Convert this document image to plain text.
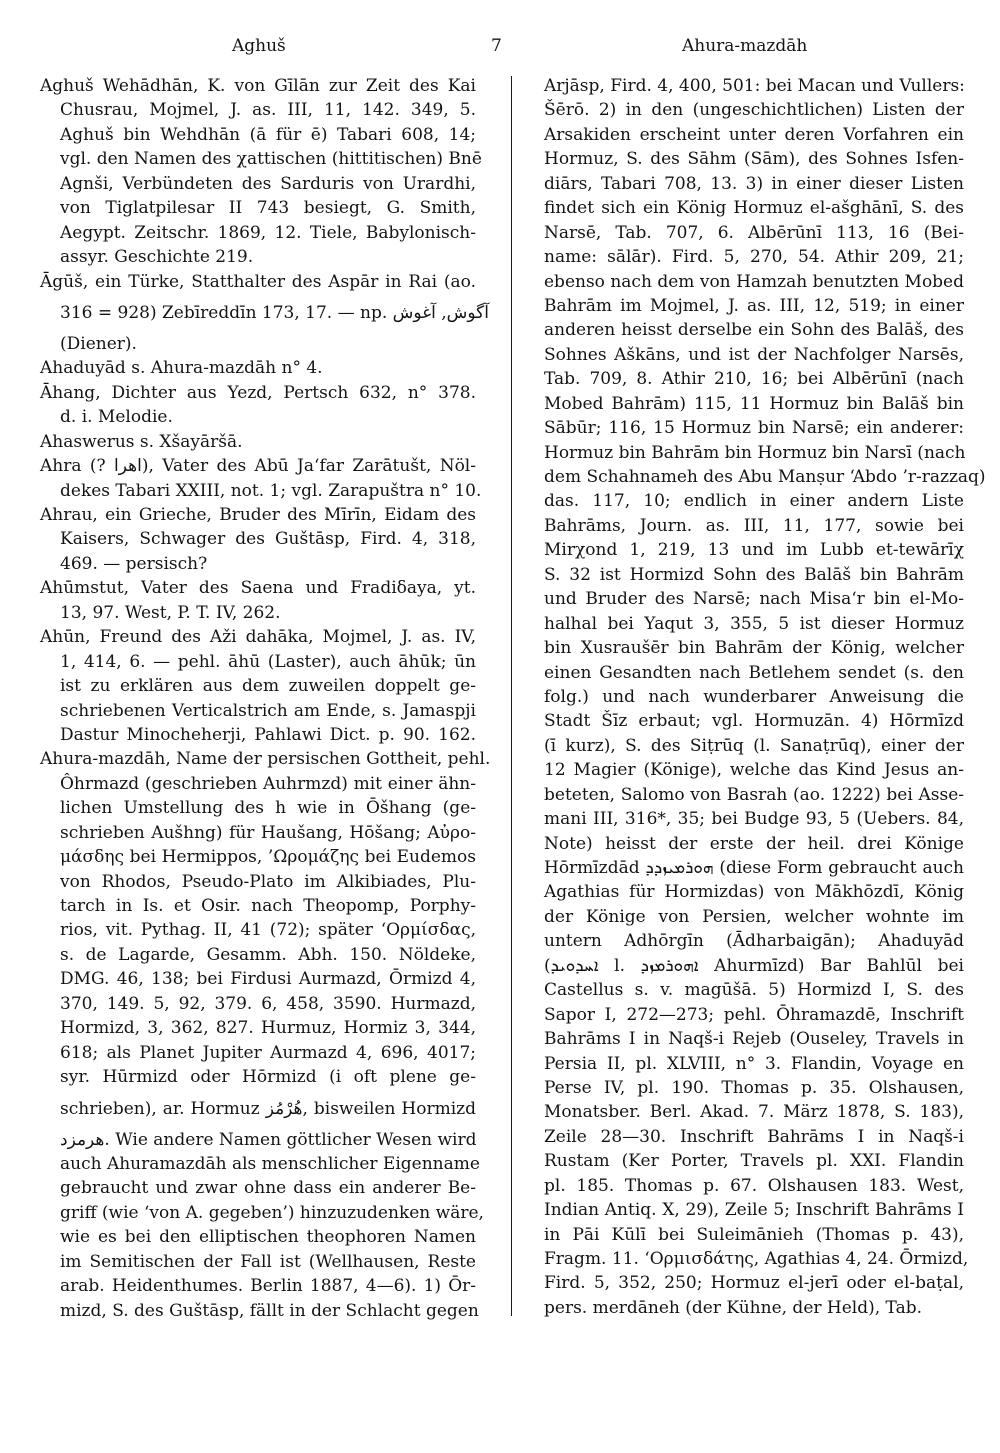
Aghuš	7	Ahura-mazdāh
Aghuš Wehādhān, K. von Gīlān zur Zeit des Kai
Chusrau, Mojmel, J. as. III, 11, 142. 349, 5.
Aghuš bin Wehdhān (ā für ē) Tabari 608, 14;
vgl. den Namen des χattischen (hittitischen) Bnē
Agnši, Verbündeten des Sarduris von Urardhi,
von Tiglatpilesar II 743 besiegt, G. Smith,
Aegypt. Zeitschr. 1869, 12. Tiele, Babylonisch-
assyr. Geschichte 219.
Āgūš, ein Türke, Statthalter des Aspār in Rai (ao.
316 = 928) Zebīreddīn 173, 17. — np. آگوش, آغوش
(Diener).
Ahaduyād s. Ahura-mazdāh n° 4.
Āhang, Dichter aus Yezd, Pertsch 632, n° 378.
d. i. Melodie.
Ahaswerus s. Xšayāršā.
Ahra (? اهرا), Vater des Abū Ja‘far Zarātušt, Nöl-
dekes Tabari XXIII, not. 1; vgl. Zarapuštra n° 10.
Ahrau, ein Grieche, Bruder des Mīrīn, Eidam des
Kaisers, Schwager des Guštāsp, Fird. 4, 318,
469. — persisch?
Ahūmstut, Vater des Saena und Fradiδaya, yt.
13, 97. West, P. T. IV, 262.
Ahūn, Freund des Aži dahāka, Mojmel, J. as. IV,
1, 414, 6. — pehl. āhū (Laster), auch āhūk; ūn
ist zu erklären aus dem zuweilen doppelt ge-
schriebenen Verticalstrich am Ende, s. Jamaspji
Dastur Minocheherji, Pahlawi Dict. p. 90. 162.
Ahura-mazdāh, Name der persischen Gottheit, pehl.
Ôhrmazd (geschrieben Auhrmzd) mit einer ähn-
lichen Umstellung des h wie in Ōšhang (ge-
schrieben Aušhng) für Haušang, Hōšang; Αὐρο-
μάσδης bei Hermippos, ’Ωρομάζης bei Eudemos
von Rhodos, Pseudo-Plato im Alkibiades, Plu-
tarch in Is. et Osir. nach Theopomp, Porphy-
rios, vit. Pythag. II, 41 (72); später ‘Ορμίσδας,
s. de Lagarde, Gesamm. Abh. 150. Nöldeke,
DMG. 46, 138; bei Firdusi Aurmazd, Ōrmizd 4,
370, 149. 5, 92, 379. 6, 458, 3590. Hurmazd,
Hormizd, 3, 362, 827. Hurmuz, Hormiz 3, 344,
618; als Planet Jupiter Aurmazd 4, 696, 4017;
syr. Hūrmizd oder Hōrmizd (i oft plene ge-
schrieben), ar. Hormuz هُرْمُز, bisweilen Hormizd
هرمزد. Wie andere Namen göttlicher Wesen wird
auch Ahuramazdāh als menschlicher Eigenname
gebraucht und zwar ohne dass ein anderer Be-
griff (wie ‘von A. gegeben’) hinzuzudenken wäre,
wie es bei den elliptischen theophoren Namen
im Semitischen der Fall ist (Wellhausen, Reste
arab. Heidenthumes. Berlin 1887, 4—6). 1) Ōr-
mizd, S. des Guštāsp, fällt in der Schlacht gegen
Arjāsp, Fird. 4, 400, 501: bei Macan und Vullers:
Šērō. 2) in den (ungeschichtlichen) Listen der
Arsakiden erscheint unter deren Vorfahren ein
Hormuz, S. des Sāhm (Sām), des Sohnes Isfen-
diārs, Tabari 708, 13. 3) in einer dieser Listen
findet sich ein König Hormuz el-ašghānī, S. des
Narsē, Tab. 707, 6. Albērūnī 113, 16 (Bei-
name: sālār). Fird. 5, 270, 54. Athir 209, 21;
ebenso nach dem von Hamzah benutzten Mobed
Bahrām im Mojmel, J. as. III, 12, 519; in einer
anderen heisst derselbe ein Sohn des Balāš, des
Sohnes Aškāns, und ist der Nachfolger Narsēs,
Tab. 709, 8. Athir 210, 16; bei Albērūnī (nach
Mobed Bahrām) 115, 11 Hormuz bin Balāš bin
Sābūr; 116, 15 Hormuz bin Narsē; ein anderer:
Hormuz bin Bahrām bin Hormuz bin Narsī (nach
dem Schahnameh des Abu Manṣur ‘Abdo ’r-razzaq)
das. 117, 10; endlich in einer andern Liste
Bahrāms, Journ. as. III, 11, 177, sowie bei
Mirχond 1, 219, 13 und im Lubb et-tewārīχ
S. 32 ist Hormizd Sohn des Balāš bin Bahrām
und Bruder des Narsē; nach Misa‘r bin el-Mo-
halhal bei Yaqut 3, 355, 5 ist dieser Hormuz
bin Xusraušēr bin Bahrām der König, welcher
einen Gesandten nach Betlehem sendet (s. den
folg.) und nach wunderbarer Anweisung die
Stadt Šīz erbaut; vgl. Hormuzān. 4) Hōrmīzd
(ī kurz), S. des Siṭrūq (l. Sanaṭrūq), einer der
12 Magier (Könige), welche das Kind Jesus an-
beteten, Salomo von Basrah (ao. 1222) bei Asse-
mani III, 316*, 35; bei Budge 93, 5 (Uebers. 84,
Note) heisst der erste der heil. drei Könige
Hōrmīzdād ܗܘܪܡܝܙܕܕ (diese Form gebraucht auch
Agathias für Hormizdas) von Mākhōzdī, König
der Könige von Persien, welcher wohnte im
untern Adhōrgīn (Ādharbaigān); Ahaduyād
(ܐܚܕܘܝܕ l. ܐܗܘܪܡܙܕ Ahurmīzd) Bar Bahlūl bei
Castellus s. v. magūšā. 5) Hormizd I, S. des
Sapor I, 272—273; pehl. Ōhramazdē, Inschrift
Bahrāms I in Naqš-i Rejeb (Ouseley, Travels in
Persia II, pl. XLVIII, n° 3. Flandin, Voyage en
Perse IV, pl. 190. Thomas p. 35. Olshausen,
Monatsber. Berl. Akad. 7. März 1878, S. 183),
Zeile 28—30. Inschrift Bahrāms I in Naqš-i
Rustam (Ker Porter, Travels pl. XXI. Flandin
pl. 185. Thomas p. 67. Olshausen 183. West,
Indian Antiq. X, 29), Zeile 5; Inschrift Bahrāms I
in Pāi Kūlī bei Suleimānieh (Thomas p. 43),
Fragm. 11. ‘Ορμισδάτης, Agathias 4, 24. Ōrmizd,
Fird. 5, 352, 250; Hormuz el-jerī oder el-baṭal,
pers. merdāneh (der Kühne, der Held), Tab.
